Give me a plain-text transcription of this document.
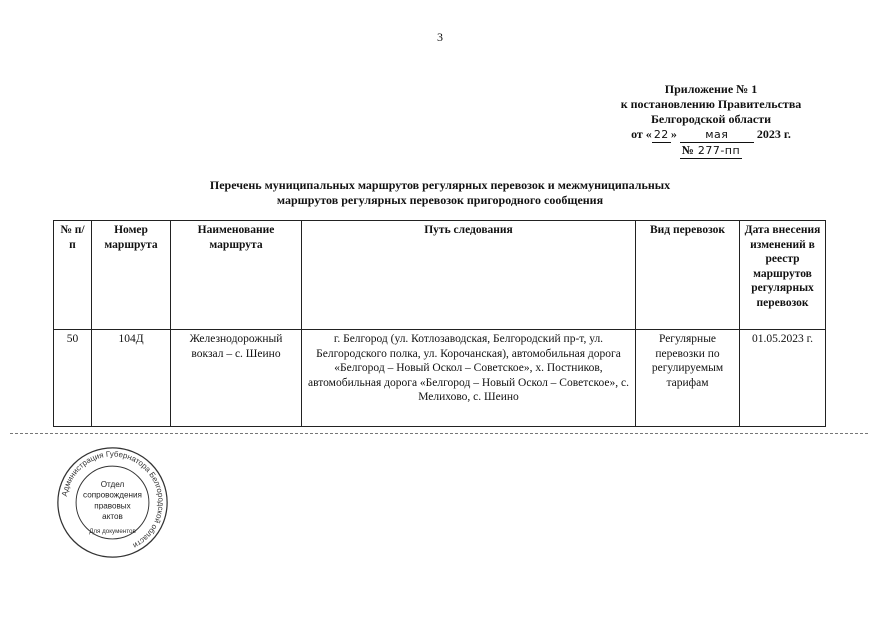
3
Приложение № 1
к постановлению Правительства
Белгородской области
от « 22 »	мая 2023 г.
№ 277-пп
Перечень муниципальных маршрутов регулярных перевозок и межмуниципальных
маршрутов регулярных перевозок пригородного сообщения
№ п/п	Номер маршрута	Наименование маршрута	Путь следования	Вид перевозок	Дата внесения изменений в реестр маршрутов регулярных перевозок
50	104Д	Железнодорожный вокзал – с. Шеино	г. Белгород (ул. Котлозаводская, Белгородский пр-т, ул. Белгородского полка, ул. Корочанская), автомобильная дорога «Белгород – Новый Оскол – Советское», х. Постников, автомобильная дорога «Белгород – Новый Оскол – Советское», с. Мелихово, с. Шеино	Регулярные перевозки по регулируемым тарифам	01.05.2023 г.
Администрация Губернатора Белгородской области
Отдел
сопровождения
правовых
актов
Для документов
